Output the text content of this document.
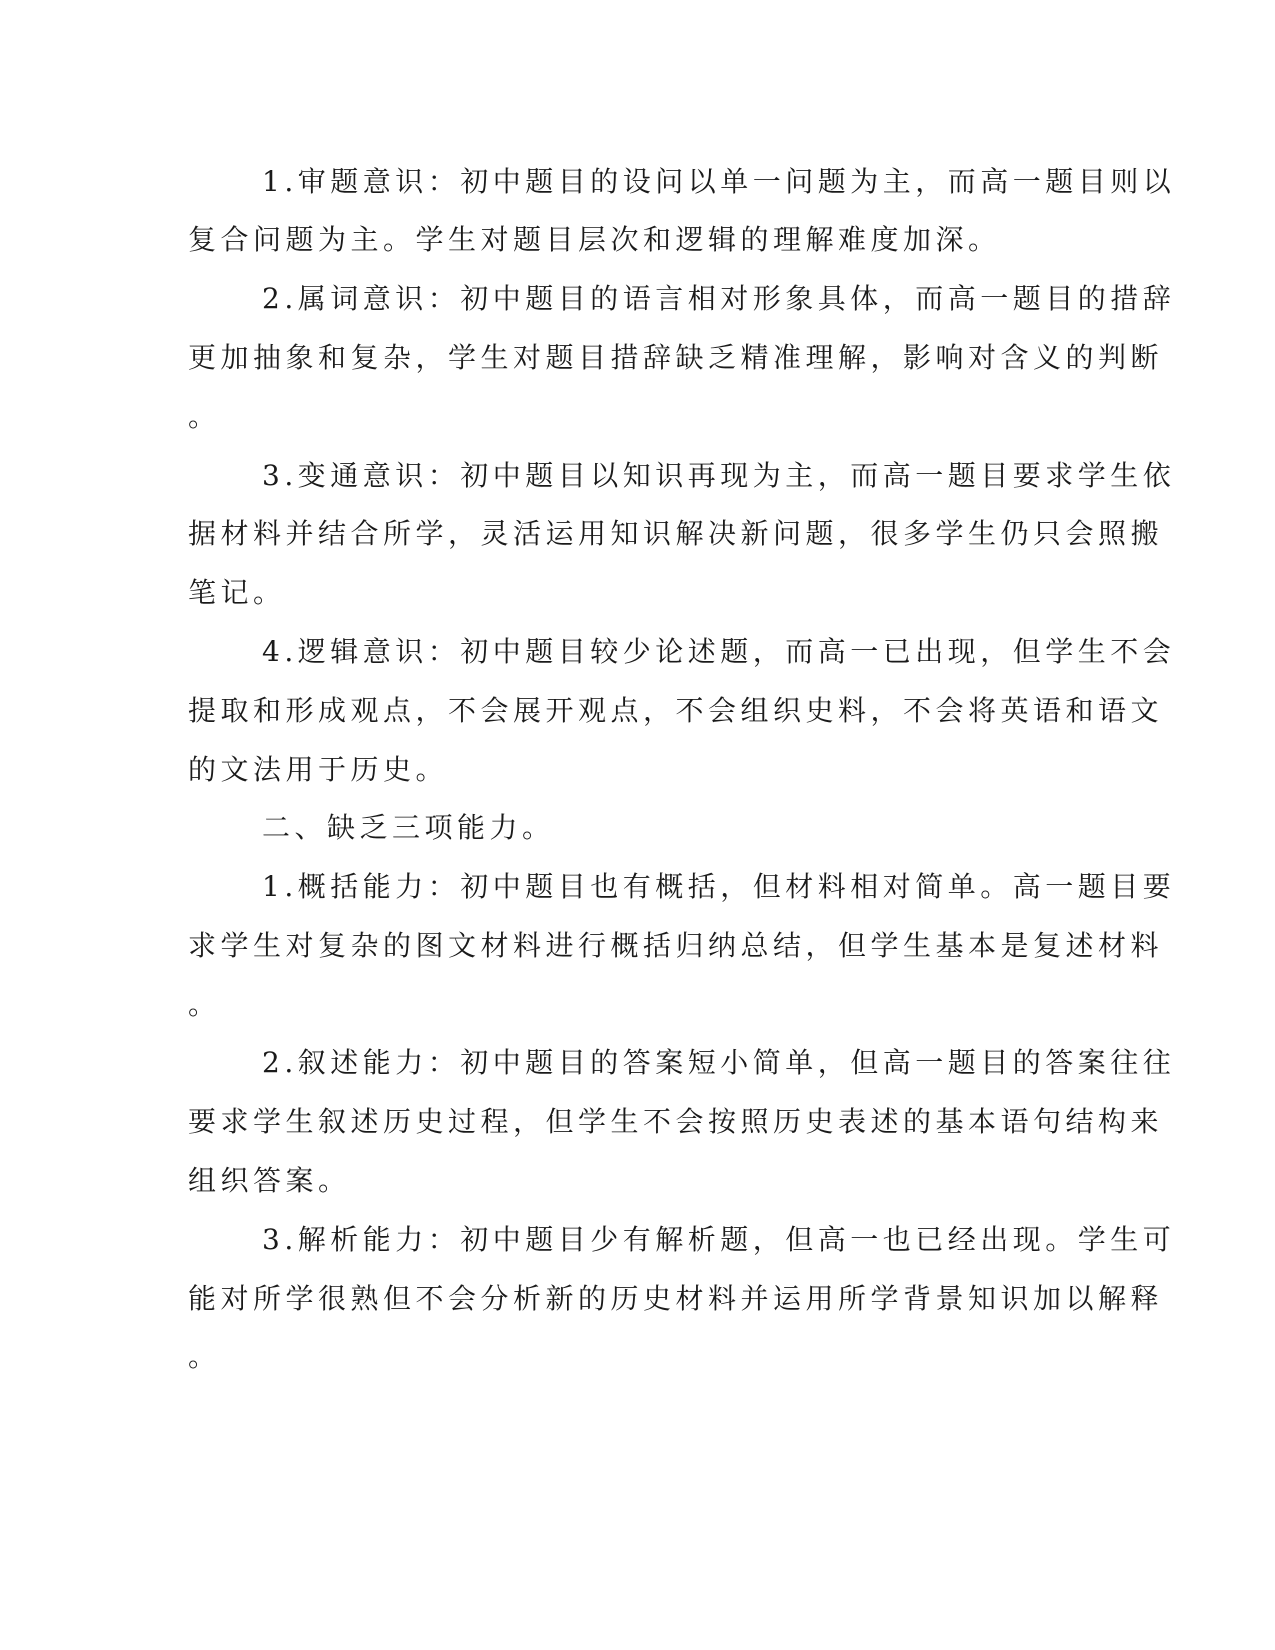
1.审题意识：初中题目的设问以单一问题为主，而高一题目则以
复合问题为主。学生对题目层次和逻辑的理解难度加深。
2.属词意识：初中题目的语言相对形象具体，而高一题目的措辞
更加抽象和复杂，学生对题目措辞缺乏精准理解，影响对含义的判断
。
3.变通意识：初中题目以知识再现为主，而高一题目要求学生依
据材料并结合所学，灵活运用知识解决新问题，很多学生仍只会照搬
笔记。
4.逻辑意识：初中题目较少论述题，而高一已出现，但学生不会
提取和形成观点，不会展开观点，不会组织史料，不会将英语和语文
的文法用于历史。
二、缺乏三项能力。
1.概括能力：初中题目也有概括，但材料相对简单。高一题目要
求学生对复杂的图文材料进行概括归纳总结，但学生基本是复述材料
。
2.叙述能力：初中题目的答案短小简单，但高一题目的答案往往
要求学生叙述历史过程，但学生不会按照历史表述的基本语句结构来
组织答案。
3.解析能力：初中题目少有解析题，但高一也已经出现。学生可
能对所学很熟但不会分析新的历史材料并运用所学背景知识加以解释
。
